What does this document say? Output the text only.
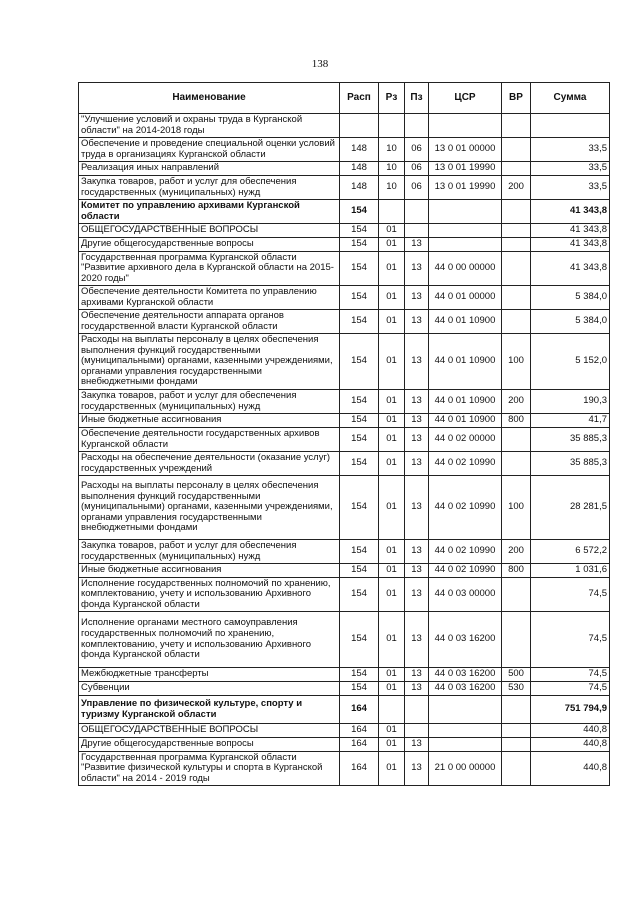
138
Наименование	Расп	Рз	Пз	ЦСР	ВР	Сумма
"Улучшение условий и охраны труда в Курганской области" на 2014-2018 годы						
Обеспечение и проведение специальной оценки условий труда в организациях Курганской области	148	10	06	13 0 01 00000		33,5
Реализация иных направлений	148	10	06	13 0 01 19990		33,5
Закупка товаров, работ и услуг для обеспечения государственных (муниципальных) нужд	148	10	06	13 0 01 19990	200	33,5
Комитет по управлению архивами Курганской области	154					41 343,8
ОБЩЕГОСУДАРСТВЕННЫЕ ВОПРОСЫ	154	01				41 343,8
Другие общегосударственные вопросы	154	01	13			41 343,8
Государственная программа Курганской области "Развитие архивного дела в Курганской области на 2015-2020 годы"	154	01	13	44 0 00 00000		41 343,8
Обеспечение деятельности Комитета по управлению архивами Курганской области	154	01	13	44 0 01 00000		5 384,0
Обеспечение деятельности аппарата органов государственной власти Курганской области	154	01	13	44 0 01 10900		5 384,0
Расходы на выплаты персоналу в целях обеспечения выполнения функций государственными (муниципальными) органами, казенными учреждениями, органами управления государственными внебюджетными фондами	154	01	13	44 0 01 10900	100	5 152,0
Закупка товаров, работ и услуг для обеспечения государственных (муниципальных) нужд	154	01	13	44 0 01 10900	200	190,3
Иные бюджетные ассигнования	154	01	13	44 0 01 10900	800	41,7
Обеспечение деятельности государственных архивов Курганской области	154	01	13	44 0 02 00000		35 885,3
Расходы на обеспечение деятельности (оказание услуг) государственных учреждений	154	01	13	44 0 02 10990		35 885,3
Расходы на выплаты персоналу в целях обеспечения выполнения функций государственными (муниципальными) органами, казенными учреждениями, органами управления государственными внебюджетными фондами	154	01	13	44 0 02 10990	100	28 281,5
Закупка товаров, работ и услуг для обеспечения государственных (муниципальных) нужд	154	01	13	44 0 02 10990	200	6 572,2
Иные бюджетные ассигнования	154	01	13	44 0 02 10990	800	1 031,6
Исполнение государственных полномочий по хранению, комплектованию, учету и использованию Архивного фонда Курганской области	154	01	13	44 0 03 00000		74,5
Исполнение органами местного самоуправления государственных полномочий по хранению, комплектованию, учету и использованию Архивного фонда Курганской области	154	01	13	44 0 03 16200		74,5
Межбюджетные трансферты	154	01	13	44 0 03 16200	500	74,5
Субвенции	154	01	13	44 0 03 16200	530	74,5
Управление по физической культуре, спорту и туризму Курганской области	164					751 794,9
ОБЩЕГОСУДАРСТВЕННЫЕ ВОПРОСЫ	164	01				440,8
Другие общегосударственные вопросы	164	01	13			440,8
Государственная программа Курганской области "Развитие физической культуры и спорта в Курганской области" на 2014 - 2019 годы	164	01	13	21 0 00 00000		440,8
